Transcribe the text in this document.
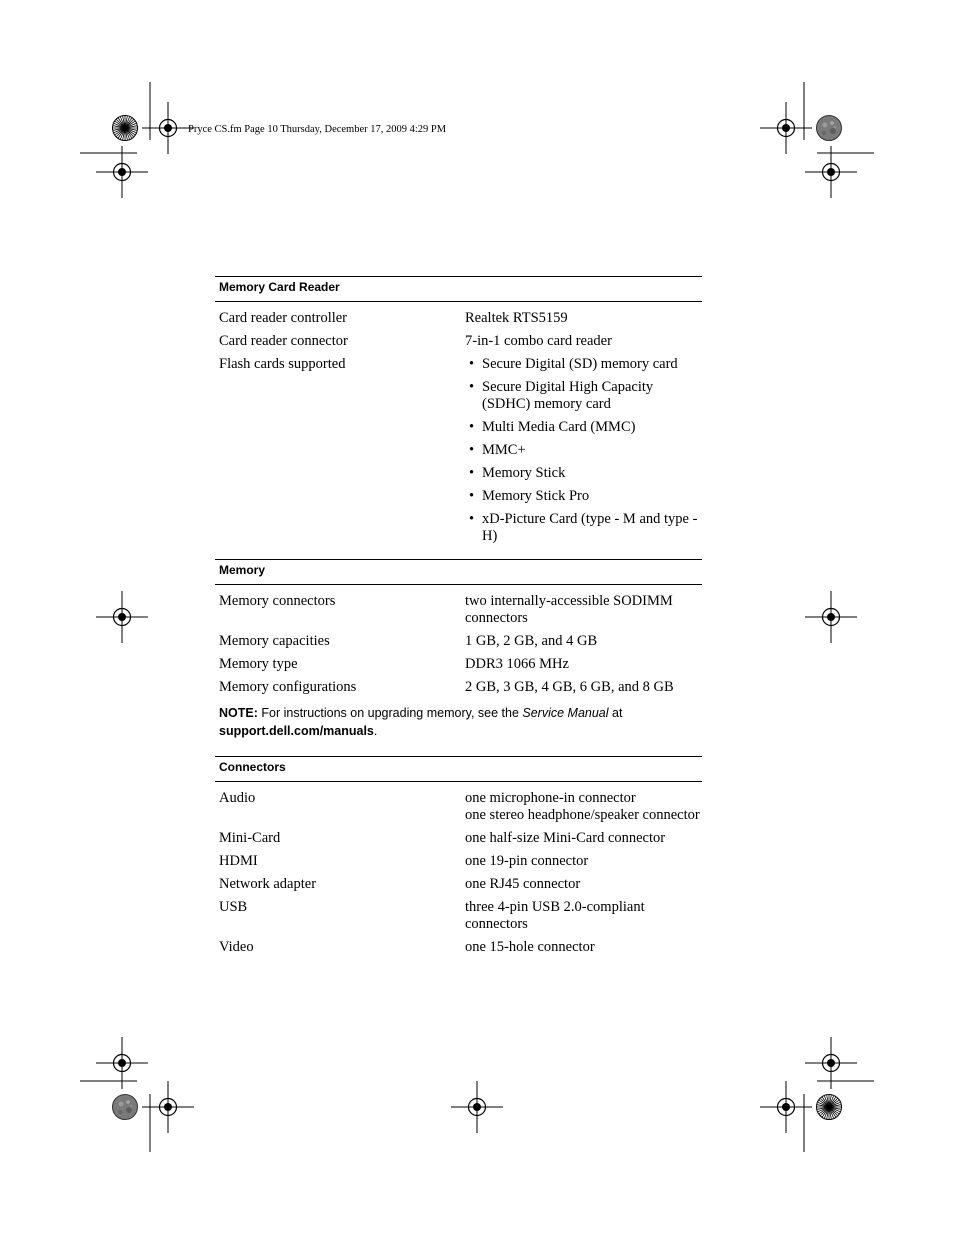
Pryce CS.fm Page 10 Thursday, December 17, 2009 4:29 PM
Memory Card Reader
Card reader controller	Realtek RTS5159
Card reader connector	7-in-1 combo card reader
Flash cards supported
•	Secure Digital (SD) memory card
• Secure Digital High Capacity (SDHC) memory card
• Multi Media Card (MMC)
• MMC+
• Memory Stick
• Memory Stick Pro
• xD-Picture Card (type - M and type - H)
Memory
Memory connectors	two internally-accessible SODIMM connectors
Memory capacities	1 GB, 2 GB, and 4 GB
Memory type	DDR3 1066 MHz
Memory configurations	2 GB, 3 GB, 4 GB, 6 GB, and 8 GB
NOTE: For instructions on upgrading memory, see the Service Manual at
support.dell.com/manuals.
Connectors
Audio	one microphone-in connector
one stereo headphone/speaker connector
Mini-Card	one half-size Mini-Card connector
HDMI	one 19-pin connector
Network adapter	one RJ45 connector
USB	three 4-pin USB 2.0-compliant connectors
Video	one 15-hole connector
